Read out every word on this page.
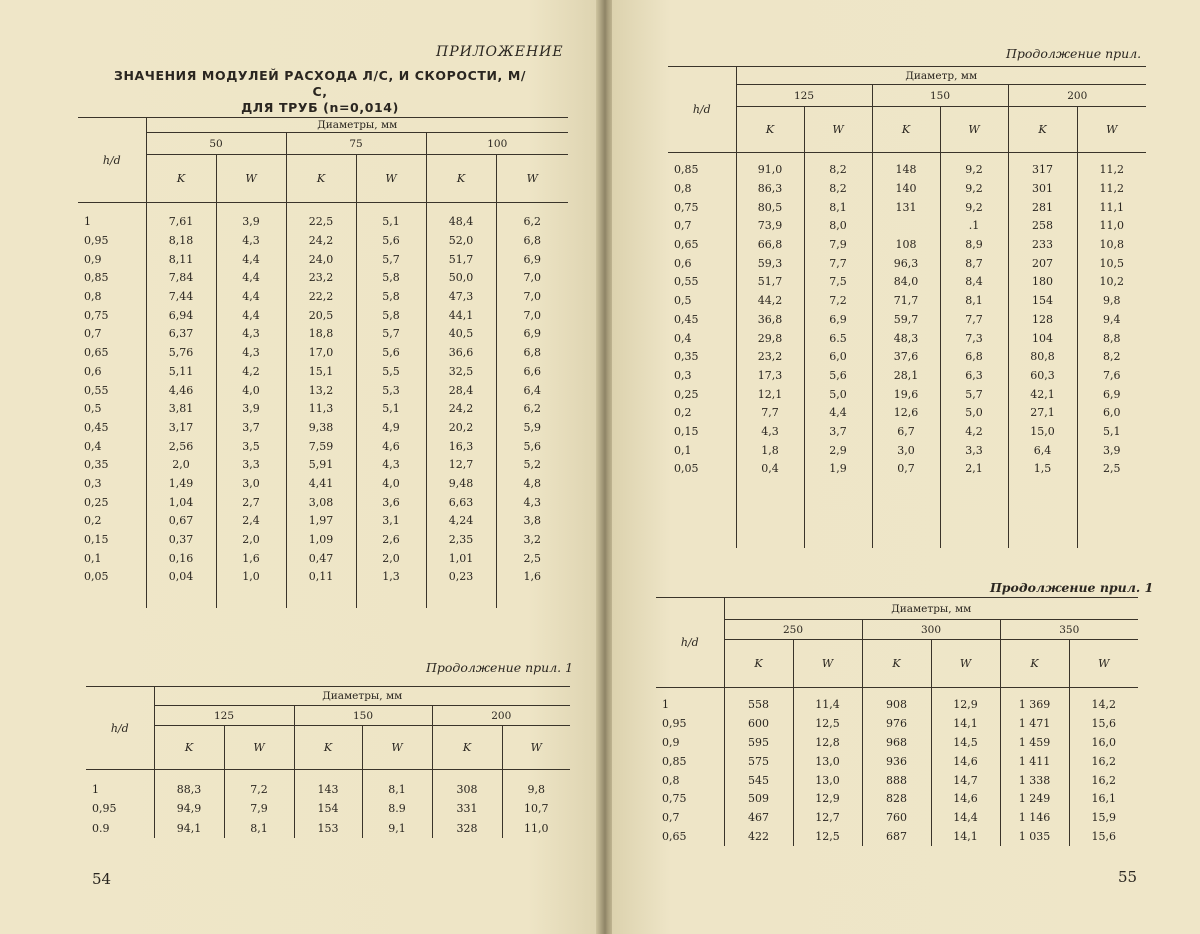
ПРИЛОЖЕНИЕ
ЗНАЧЕНИЯ МОДУЛЕЙ РАСХОДА Л/С, И СКОРОСТИ, М/С,
ДЛЯ ТРУБ (n=0,014)
h/d	Диаметры, мм					
	50		75		100	
	K	W	K	W	K	W

1	7,61	3,9	22,5	5,1	48,4	6,2
0,95	8,18	4,3	24,2	5,6	52,0	6,8
0,9	8,11	4,4	24,0	5,7	51,7	6,9
0,85	7,84	4,4	23,2	5,8	50,0	7,0
0,8	7,44	4,4	22,2	5,8	47,3	7,0
0,75	6,94	4,4	20,5	5,8	44,1	7,0
0,7	6,37	4,3	18,8	5,7	40,5	6,9
0,65	5,76	4,3	17,0	5,6	36,6	6,8
0,6	5,11	4,2	15,1	5,5	32,5	6,6
0,55	4,46	4,0	13,2	5,3	28,4	6,4
0,5	3,81	3,9	11,3	5,1	24,2	6,2
0,45	3,17	3,7	9,38	4,9	20,2	5,9
0,4	2,56	3,5	7,59	4,6	16,3	5,6
0,35	2,0	3,3	5,91	4,3	12,7	5,2
0,3	1,49	3,0	4,41	4,0	9,48	4,8
0,25	1,04	2,7	3,08	3,6	6,63	4,3
0,2	0,67	2,4	1,97	3,1	4,24	3,8
0,15	0,37	2,0	1,09	2,6	2,35	3,2
0,1	0,16	1,6	0,47	2,0	1,01	2,5
0,05	0,04	1,0	0,11	1,3	0,23	1,6

Продолжение прил. 1
h/d	Диаметры, мм					
	125		150		200	
	K	W	K	W	K	W

1	88,3	7,2	143	8,1	308	9,8
0,95	94,9	7,9	154	8.9	331	10,7
0.9	94,1	8,1	153	9,1	328	11,0
54
Продолжение прил.
h/d	Диаметр, мм					
	125		150		200	
	K	W	K	W	K	W

0,85	91,0	8,2	148	9,2	317	11,2
0,8	86,3	8,2	140	9,2	301	11,2
0,75	80,5	8,1	131	9,2	281	11,1
0,7	73,9	8,0		.1	258	11,0
0,65	66,8	7,9	108	8,9	233	10,8
0,6	59,3	7,7	96,3	8,7	207	10,5
0,55	51,7	7,5	84,0	8,4	180	10,2
0,5	44,2	7,2	71,7	8,1	154	9,8
0,45	36,8	6,9	59,7	7,7	128	9,4
0,4	29,8	6.5	48,3	7,3	104	8,8
0,35	23,2	6,0	37,6	6,8	80,8	8,2
0,3	17,3	5,6	28,1	6,3	60,3	7,6
0,25	12,1	5,0	19,6	5,7	42,1	6,9
0,2	7,7	4,4	12,6	5,0	27,1	6,0
0,15	4,3	3,7	6,7	4,2	15,0	5,1
0,1	1,8	2,9	3,0	3,3	6,4	3,9
0,05	0,4	1,9	0,7	2,1	1,5	2,5

Продолжение прил. 1
h/d	Диаметры, мм					
	250		300		350	
	K	W	K	W	K	W

1	558	11,4	908	12,9	1 369	14,2
0,95	600	12,5	976	14,1	1 471	15,6
0,9	595	12,8	968	14,5	1 459	16,0
0,85	575	13,0	936	14,6	1 411	16,2
0,8	545	13,0	888	14,7	1 338	16,2
0,75	509	12,9	828	14,6	1 249	16,1
0,7	467	12,7	760	14,4	1 146	15,9
0,65	422	12,5	687	14,1	1 035	15,6
55
